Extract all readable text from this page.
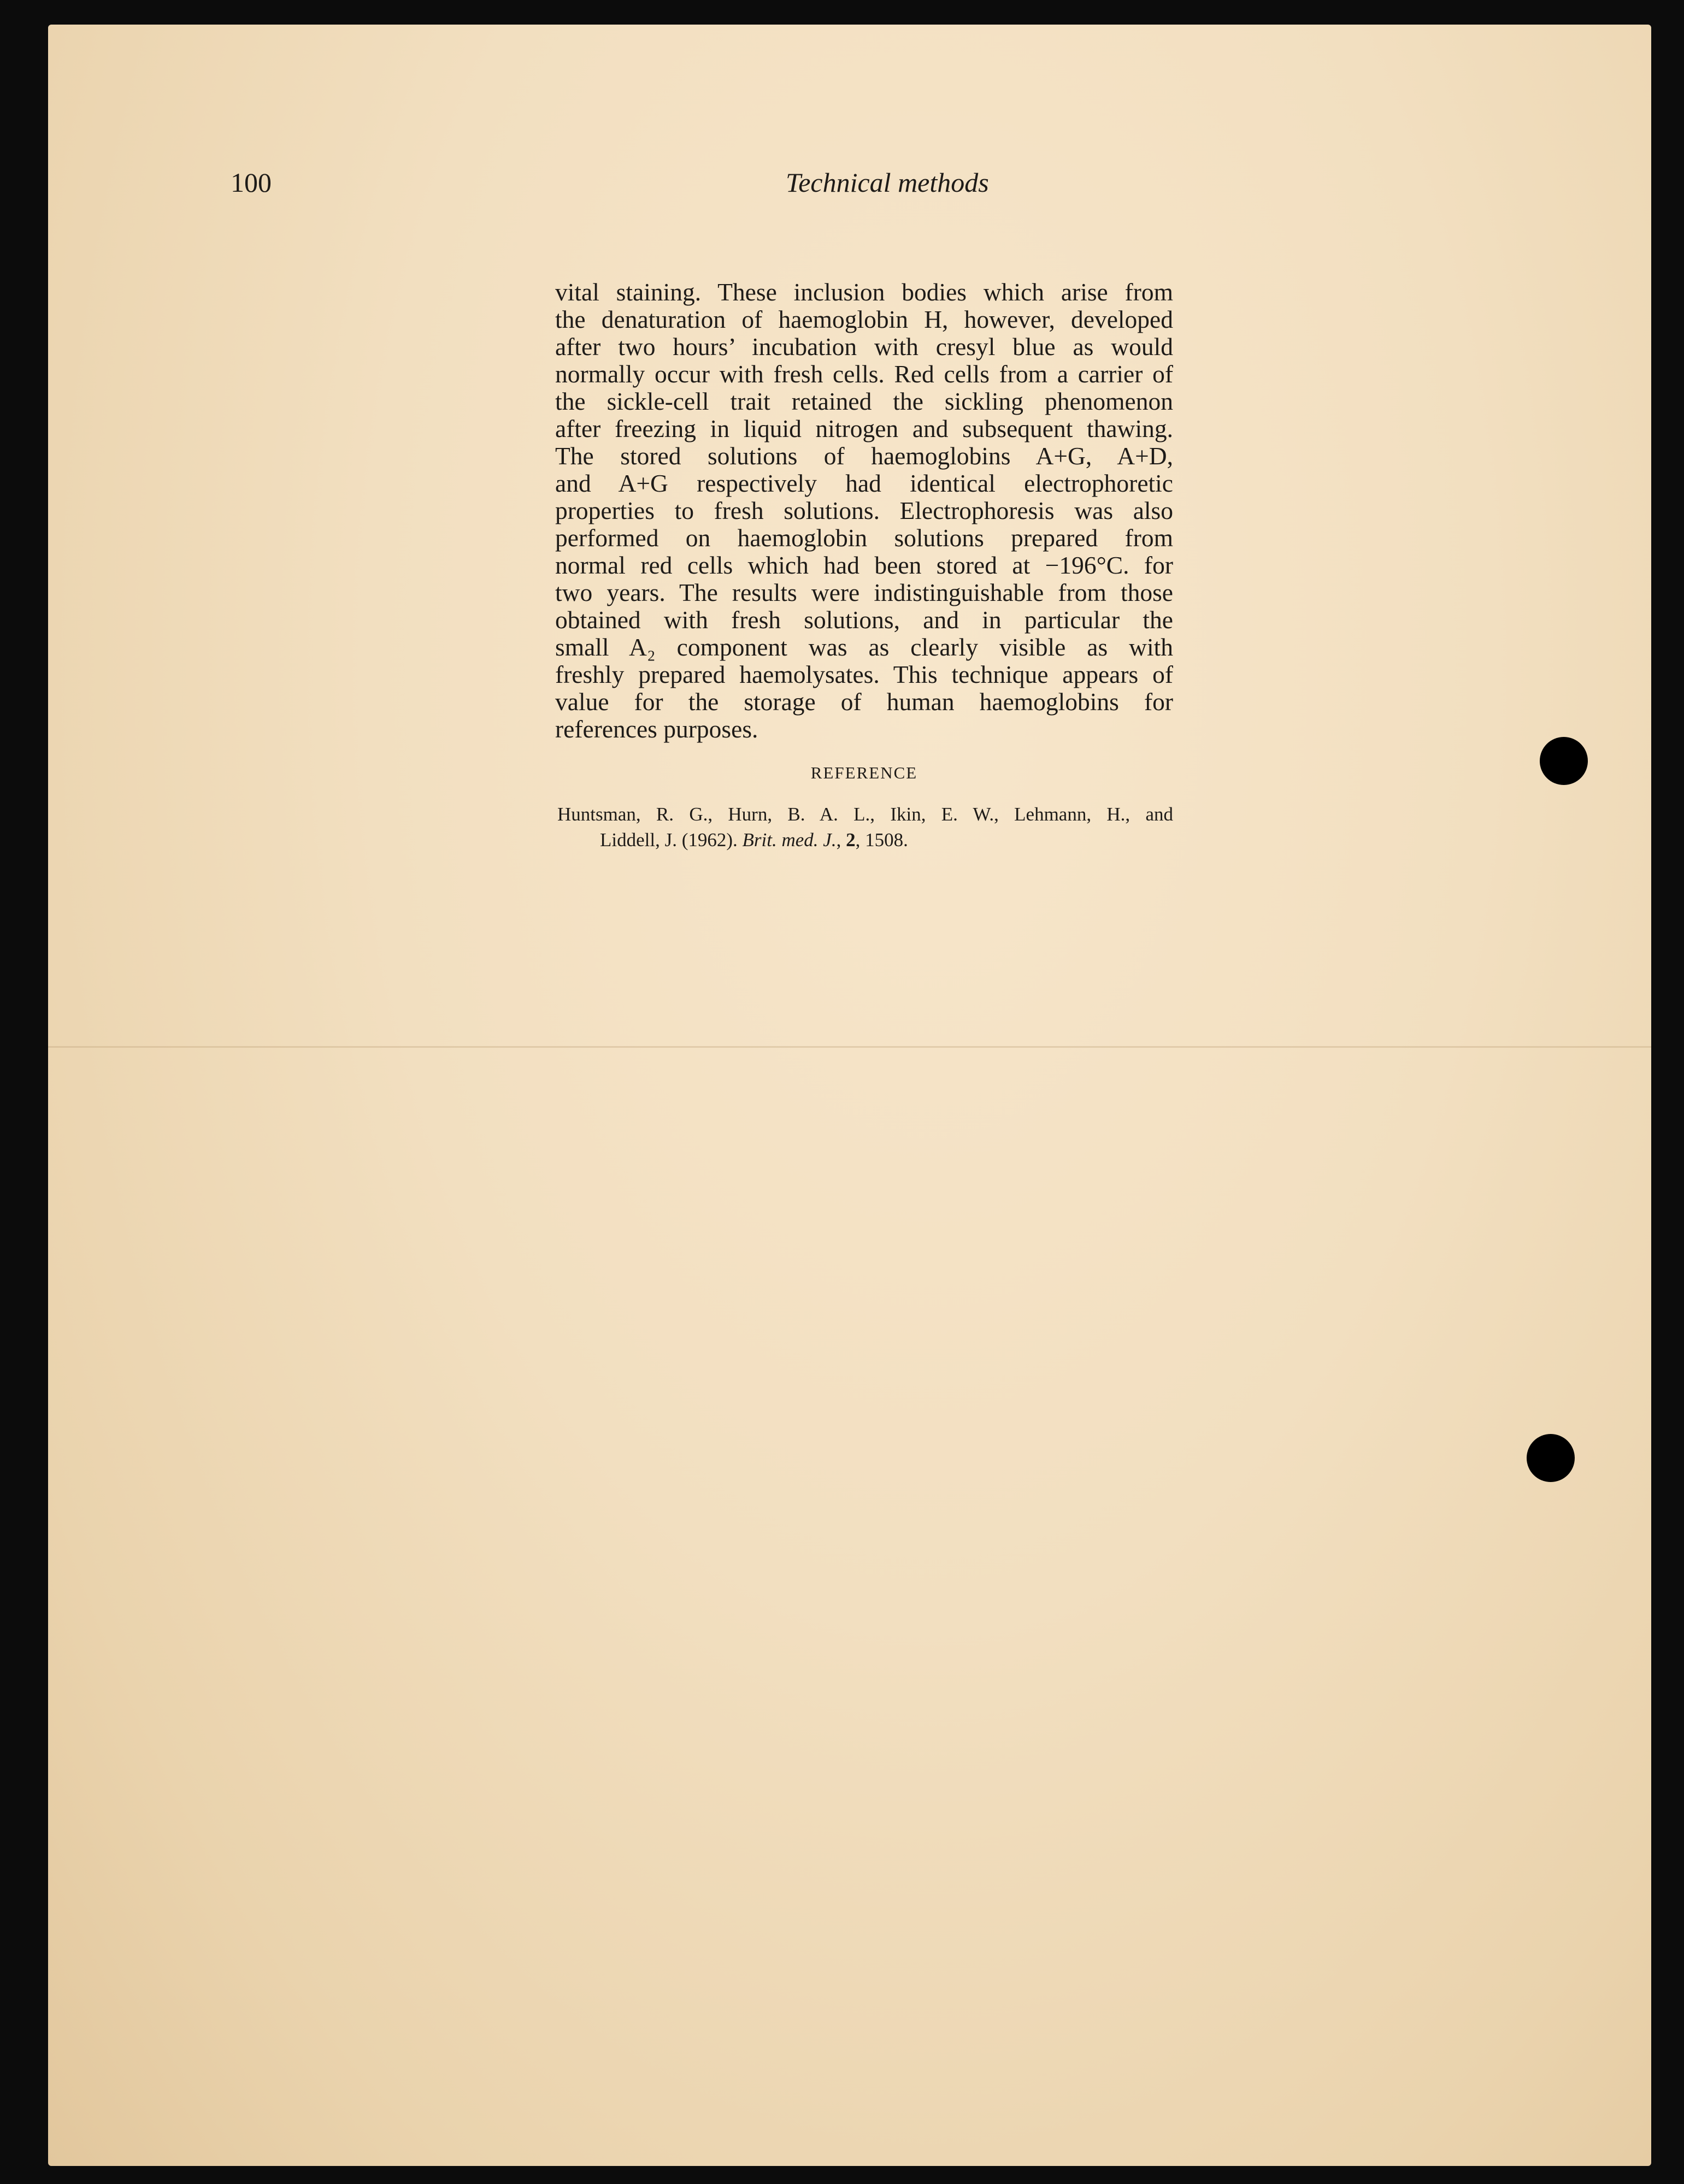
100	Technical methods
vital staining. These inclusion bodies which arise from
the denaturation of haemoglobin H, however, developed
after two hours’ incubation with cresyl blue as would
normally occur with fresh cells. Red cells from a carrier of
the sickle-cell trait retained the sickling phenomenon
after freezing in liquid nitrogen and subsequent thawing.
The stored solutions of haemoglobins A+G, A+D,
and A+G respectively had identical electrophoretic
properties to fresh solutions. Electrophoresis was also
performed on haemoglobin solutions prepared from
normal red cells which had been stored at −196°C. for
two years. The results were indistinguishable from those
obtained with fresh solutions, and in particular the
small A₂ component was as clearly visible as with
freshly prepared haemolysates. This technique appears of
value for the storage of human haemoglobins for
references purposes.
REFERENCE
Huntsman, R. G., Hurn, B. A. L., Ikin, E. W., Lehmann, H., and
Liddell, J. (1962). Brit. med. J., 2, 1508.
